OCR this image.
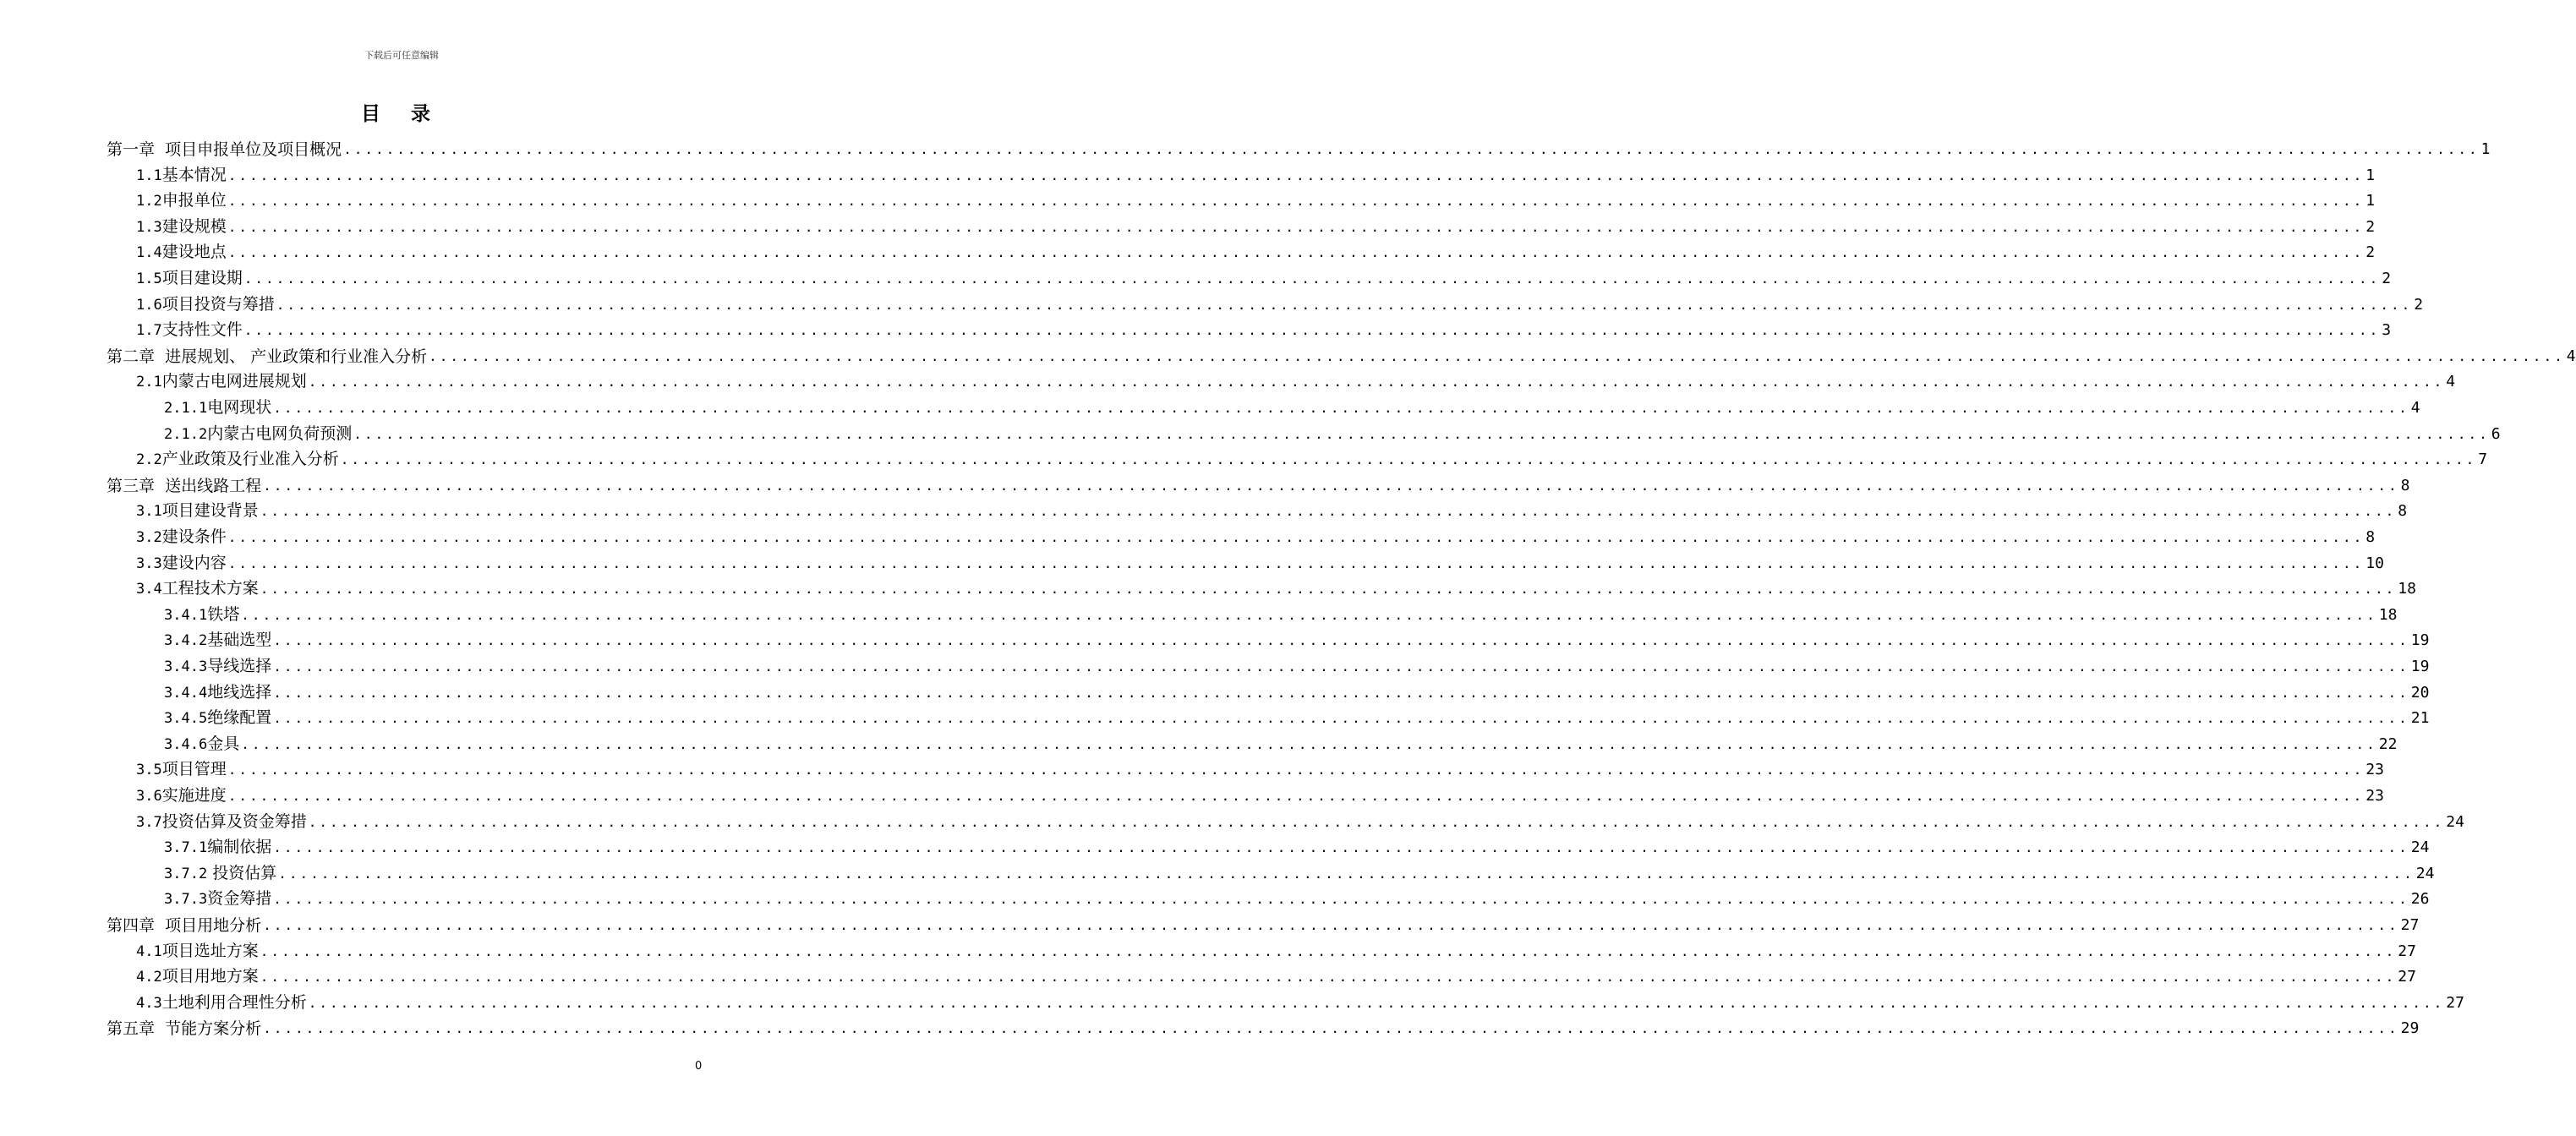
下载后可任意编辑
目 录
第一章  项目申报单位及项目概况 ........................................................................................................................................................................................................ 1
1.1基本情况 ........................................................................................................................................................................................................ 1
1.2申报单位 ........................................................................................................................................................................................................ 1
1.3建设规模 ........................................................................................................................................................................................................ 2
1.4建设地点 ........................................................................................................................................................................................................ 2
1.5项目建设期 ........................................................................................................................................................................................................ 2
1.6项目投资与筹措 ........................................................................................................................................................................................................ 2
1.7支持性文件 ........................................................................................................................................................................................................ 3
第二章  进展规划、 产业政策和行业准入分析 ........................................................................................................................................................................................................ 4
2.1内蒙古电网进展规划 ........................................................................................................................................................................................................ 4
2.1.1电网现状 ........................................................................................................................................................................................................ 4
2.1.2内蒙古电网负荷预测 ........................................................................................................................................................................................................ 6
2.2产业政策及行业准入分析 ........................................................................................................................................................................................................ 7
第三章  送出线路工程 ........................................................................................................................................................................................................ 8
3.1项目建设背景 ........................................................................................................................................................................................................ 8
3.2建设条件 ........................................................................................................................................................................................................ 8
3.3建设内容 ........................................................................................................................................................................................................ 10
3.4工程技术方案 ........................................................................................................................................................................................................ 18
3.4.1铁塔 ........................................................................................................................................................................................................ 18
3.4.2基础选型 ........................................................................................................................................................................................................ 19
3.4.3导线选择 ........................................................................................................................................................................................................ 19
3.4.4地线选择 ........................................................................................................................................................................................................ 20
3.4.5绝缘配置 ........................................................................................................................................................................................................ 21
3.4.6金具 ........................................................................................................................................................................................................ 22
3.5项目管理 ........................................................................................................................................................................................................ 23
3.6实施进度 ........................................................................................................................................................................................................ 23
3.7投资估算及资金筹措 ........................................................................................................................................................................................................ 24
3.7.1编制依据 ........................................................................................................................................................................................................ 24
3.7.2 投资估算 ........................................................................................................................................................................................................ 24
3.7.3资金筹措 ........................................................................................................................................................................................................ 26
第四章  项目用地分析 ........................................................................................................................................................................................................ 27
4.1项目选址方案 ........................................................................................................................................................................................................ 27
4.2项目用地方案 ........................................................................................................................................................................................................ 27
4.3土地利用合理性分析 ........................................................................................................................................................................................................ 27
第五章  节能方案分析 ........................................................................................................................................................................................................ 29
0
